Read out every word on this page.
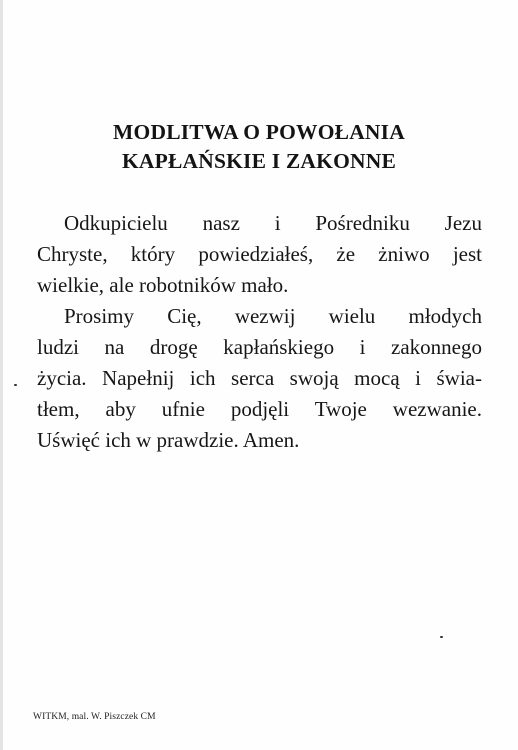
MODLITWA O POWOŁANIA
KAPŁAŃSKIE I ZAKONNE

Odkupicielu nasz i Pośredniku Jezu
Chryste, który powiedziałeś, że żniwo jest
wielkie, ale robotników mało.

Prosimy Cię, wezwij wielu młodych
ludzi na drogę kapłańskiego i zakonnego
życia. Napełnij ich serca swoją mocą i świa-
tłem, aby ufnie podjęli Twoje wezwanie.
Uświęć ich w prawdzie. Amen.

WITKM, mal. W. Piszczek CM
